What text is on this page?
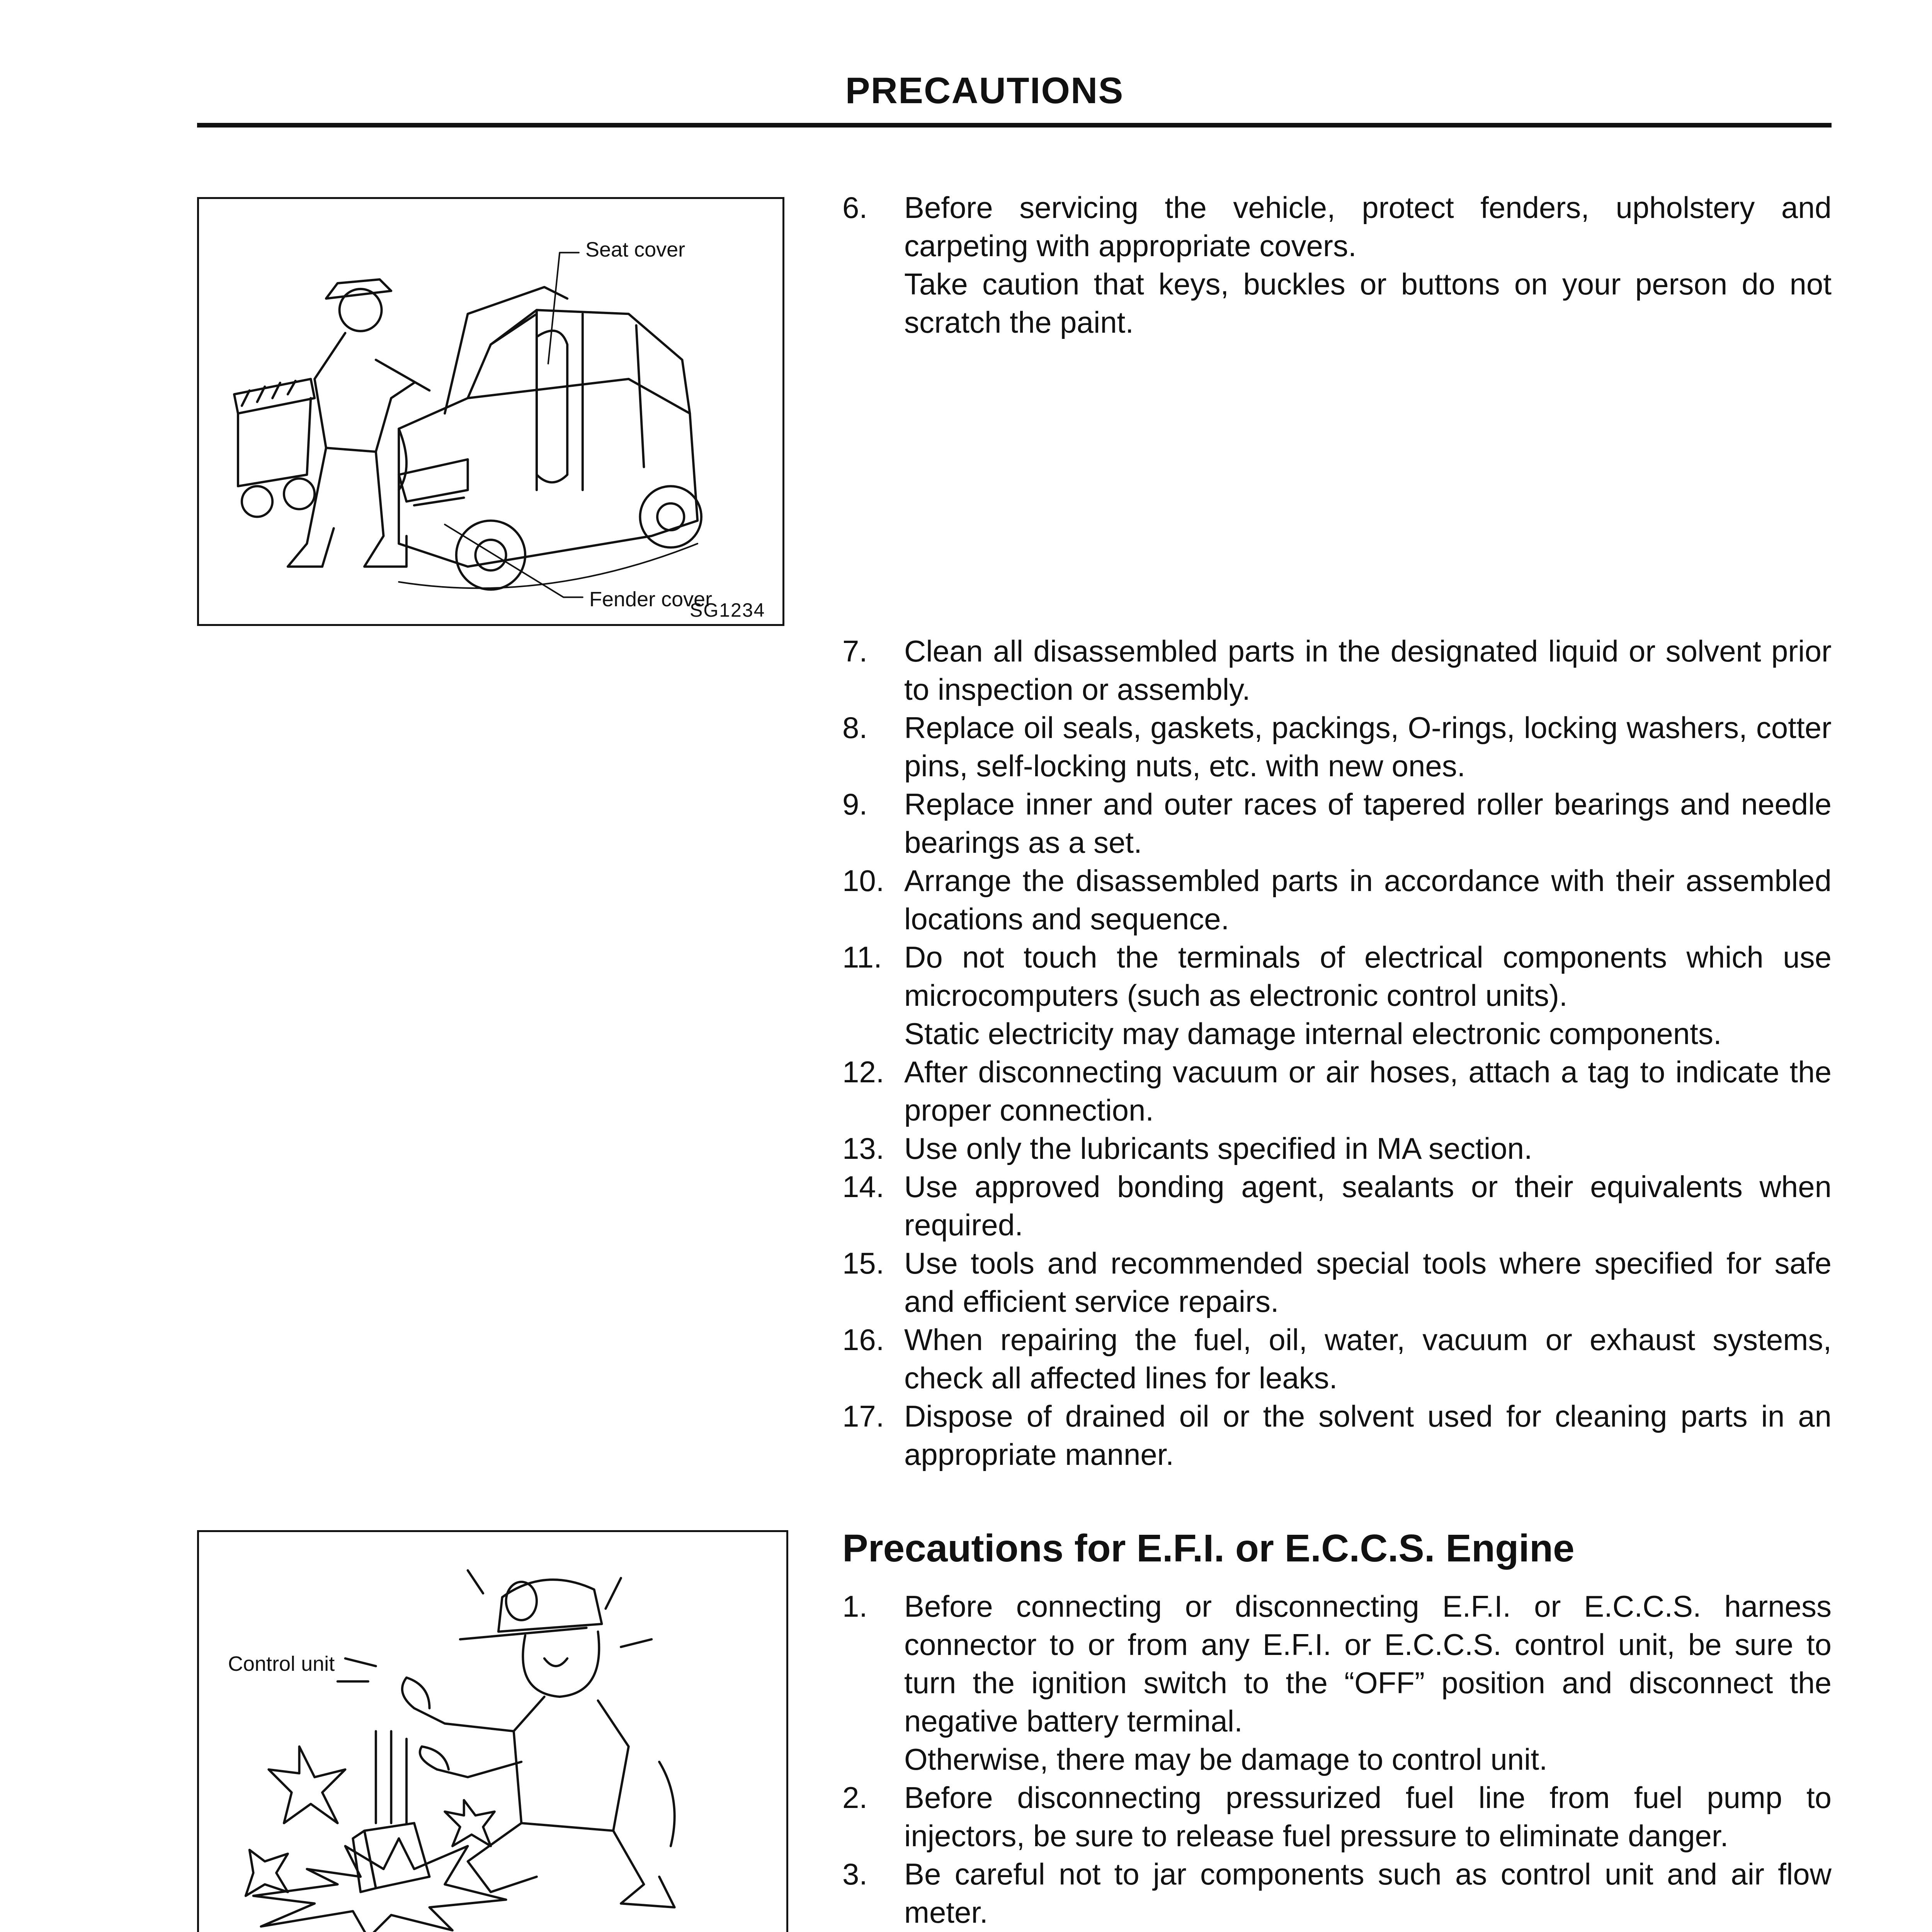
PRECAUTIONS
Seat cover
Fender cover
SG1234
6. Before servicing the vehicle, protect fenders, upholstery and carpeting with appropriate covers.
Take caution that keys, buckles or buttons on your person do not scratch the paint.
7. Clean all disassembled parts in the designated liquid or solvent prior to inspection or assembly.
8. Replace oil seals, gaskets, packings, O-rings, locking washers, cotter pins, self-locking nuts, etc. with new ones.
9. Replace inner and outer races of tapered roller bearings and needle bearings as a set.
10. Arrange the disassembled parts in accordance with their assembled locations and sequence.
11. Do not touch the terminals of electrical components which use microcomputers (such as electronic control units).
Static electricity may damage internal electronic components.
12. After disconnecting vacuum or air hoses, attach a tag to indicate the proper connection.
13. Use only the lubricants specified in MA section.
14. Use approved bonding agent, sealants or their equivalents when required.
15. Use tools and recommended special tools where specified for safe and efficient service repairs.
16. When repairing the fuel, oil, water, vacuum or exhaust systems, check all affected lines for leaks.
17. Dispose of drained oil or the solvent used for cleaning parts in an appropriate manner.
Control unit
Precautions for E.F.I. or E.C.C.S. Engine
1. Before connecting or disconnecting E.F.I. or E.C.C.S. harness connector to or from any E.F.I. or E.C.C.S. control unit, be sure to turn the ignition switch to the “OFF” position and disconnect the negative battery terminal.
Otherwise, there may be damage to control unit.
2. Before disconnecting pressurized fuel line from fuel pump to injectors, be sure to release fuel pressure to eliminate danger.
3. Be careful not to jar components such as control unit and air flow meter.
